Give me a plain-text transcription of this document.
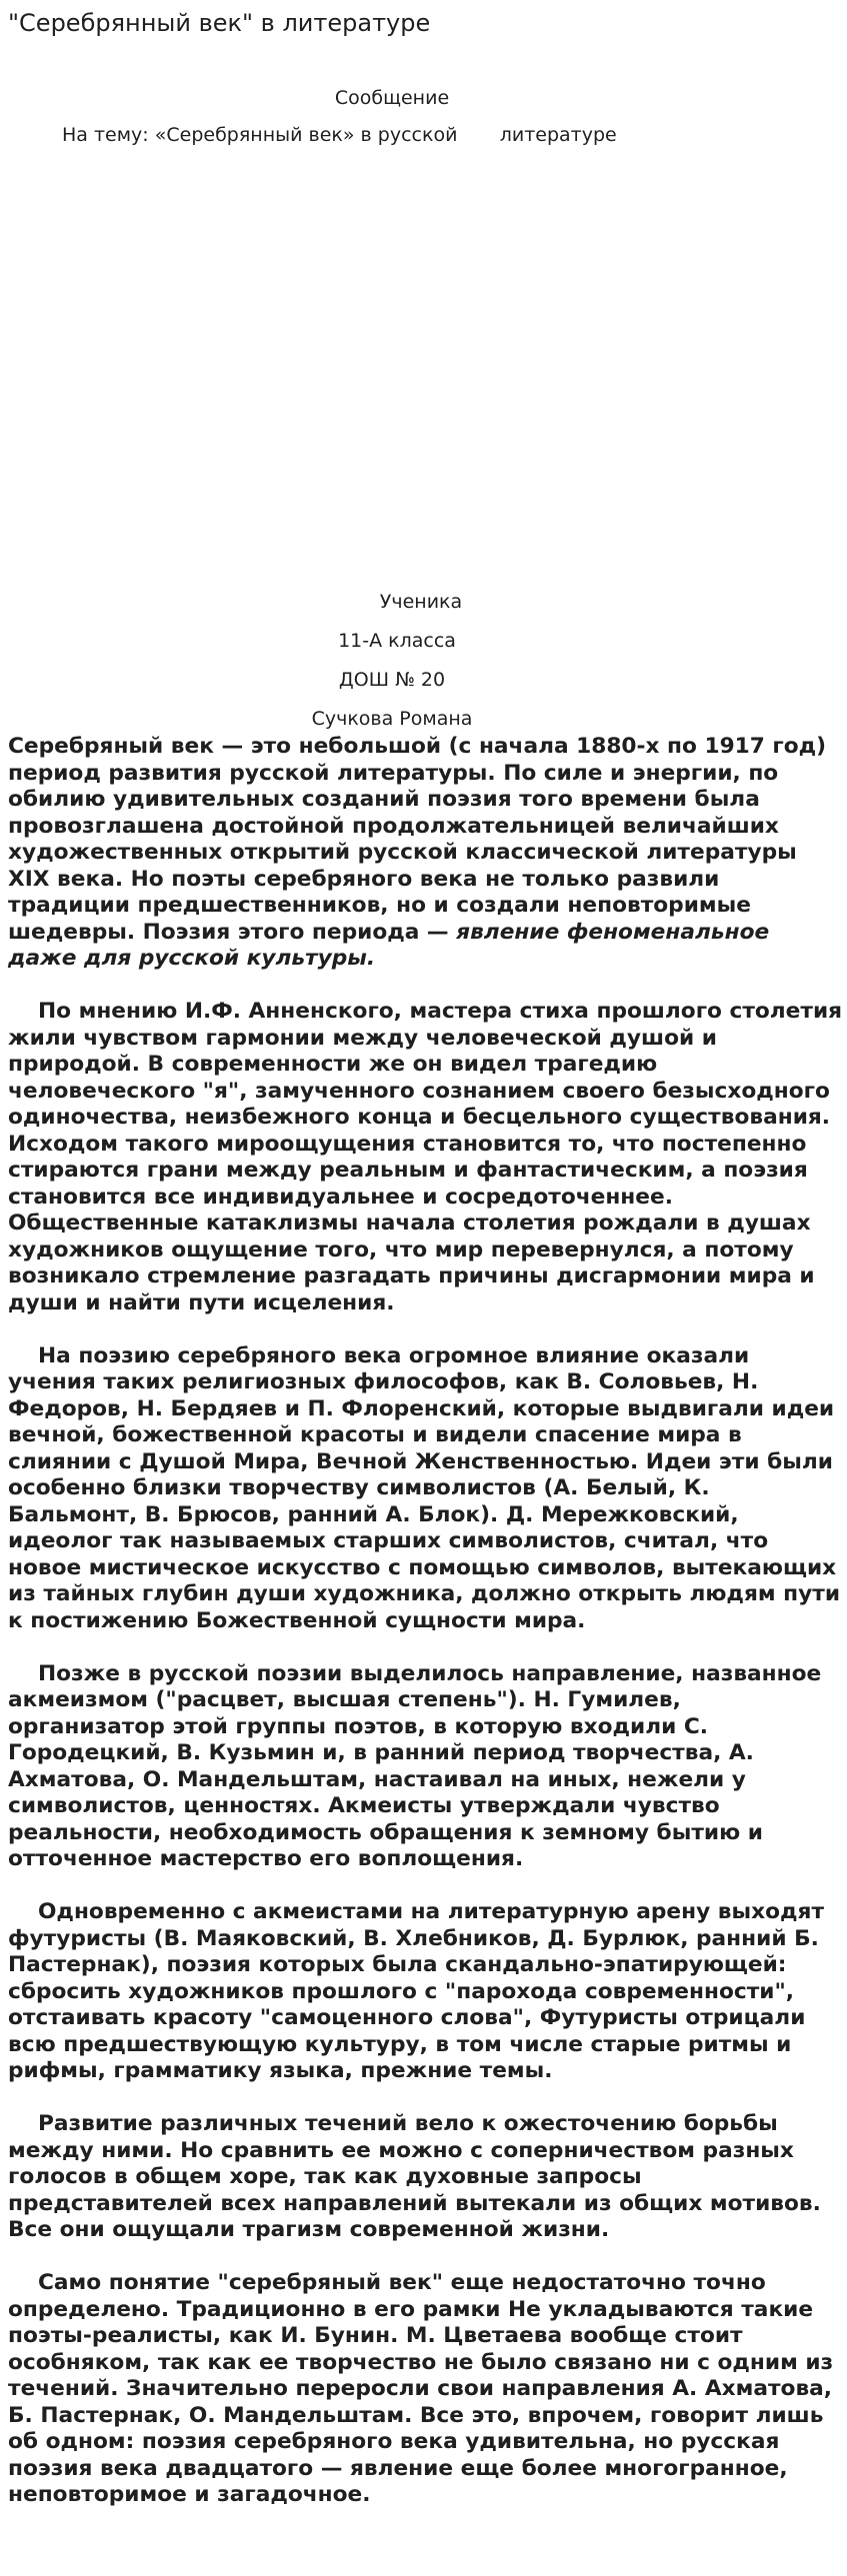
"Серебрянный век" в литературе
Сообщение
На тему: «Серебрянный век» в русской литературе
Ученика
11-А класса
ДОШ № 20
Сучкова Романа

Серебряный век — это небольшой (с начала 1880-х по 1917 год) период развития русской литературы. По силе и энергии, по обилию удивительных созданий поэзия того времени была провозглашена достойной продолжательницей величайших художественных открытий русской классической литературы XIX века. Но поэты серебряного века не только развили традиции предшественников, но и создали неповторимые шедевры. Поэзия этого периода — явление феноменальное даже для русской культуры.

По мнению И.Ф. Анненского, мастера стиха прошлого столетия жили чувством гармонии между человеческой душой и природой. В современности же он видел трагедию человеческого "я", замученного сознанием своего безысходного одиночества, неизбежного конца и бесцельного существования. Исходом такого мироощущения становится то, что постепенно стираются грани между реальным и фантастическим, а поэзия становится все индивидуальнее и сосредоточеннее. Общественные катаклизмы начала столетия рождали в душах художников ощущение того, что мир перевернулся, а потому возникало стремление разгадать причины дисгармонии мира и души и найти пути исцеления.

На поэзию серебряного века огромное влияние оказали учения таких религиозных философов, как В. Соловьев, Н. Федоров, Н. Бердяев и П. Флоренский, которые выдвигали идеи вечной, божественной красоты и видели спасение мира в слиянии с Душой Мира, Вечной Женственностью. Идеи эти были особенно близки творчеству символистов (А. Белый, К. Бальмонт, В. Брюсов, ранний А. Блок). Д. Мережковский, идеолог так называемых старших символистов, считал, что новое мистическое искусство с помощью символов, вытекающих из тайных глубин души художника, должно открыть людям пути к постижению Божественной сущности мира.

Позже в русской поэзии выделилось направление, названное акмеизмом ("расцвет, высшая степень"). Н. Гумилев, организатор этой группы поэтов, в которую входили С. Городецкий, В. Кузьмин и, в ранний период творчества, А. Ахматова, О. Мандельштам, настаивал на иных, нежели у символистов, ценностях. Акмеисты утверждали чувство реальности, необходимость обращения к земному бытию и отточенное мастерство его воплощения.

Одновременно с акмеистами на литературную арену выходят футуристы (В. Маяковский, В. Хлебников, Д. Бурлюк, ранний Б. Пастернак), поэзия которых была скандально-эпатирующей: сбросить художников прошлого с "парохода современности", отстаивать красоту "самоценного слова", Футуристы отрицали всю предшествующую культуру, в том числе старые ритмы и рифмы, грамматику языка, прежние темы.

Развитие различных течений вело к ожесточению борьбы между ними. Но сравнить ее можно с соперничеством разных голосов в общем хоре, так как духовные запросы представителей всех направлений вытекали из общих мотивов. Все они ощущали трагизм современной жизни.

Само понятие "серебряный век" еще недостаточно точно определено. Традиционно в его рамки Не укладываются такие поэты-реалисты, как И. Бунин. М. Цветаева вообще стоит особняком, так как ее творчество не было связано ни с одним из течений. Значительно переросли свои направления А. Ахматова, Б. Пастернак, О. Мандельштам. Все это, впрочем, говорит лишь об одном: поэзия серебряного века удивительна, но русская поэзия века двадцатого — явление еще более многогранное, неповторимое и загадочное.
